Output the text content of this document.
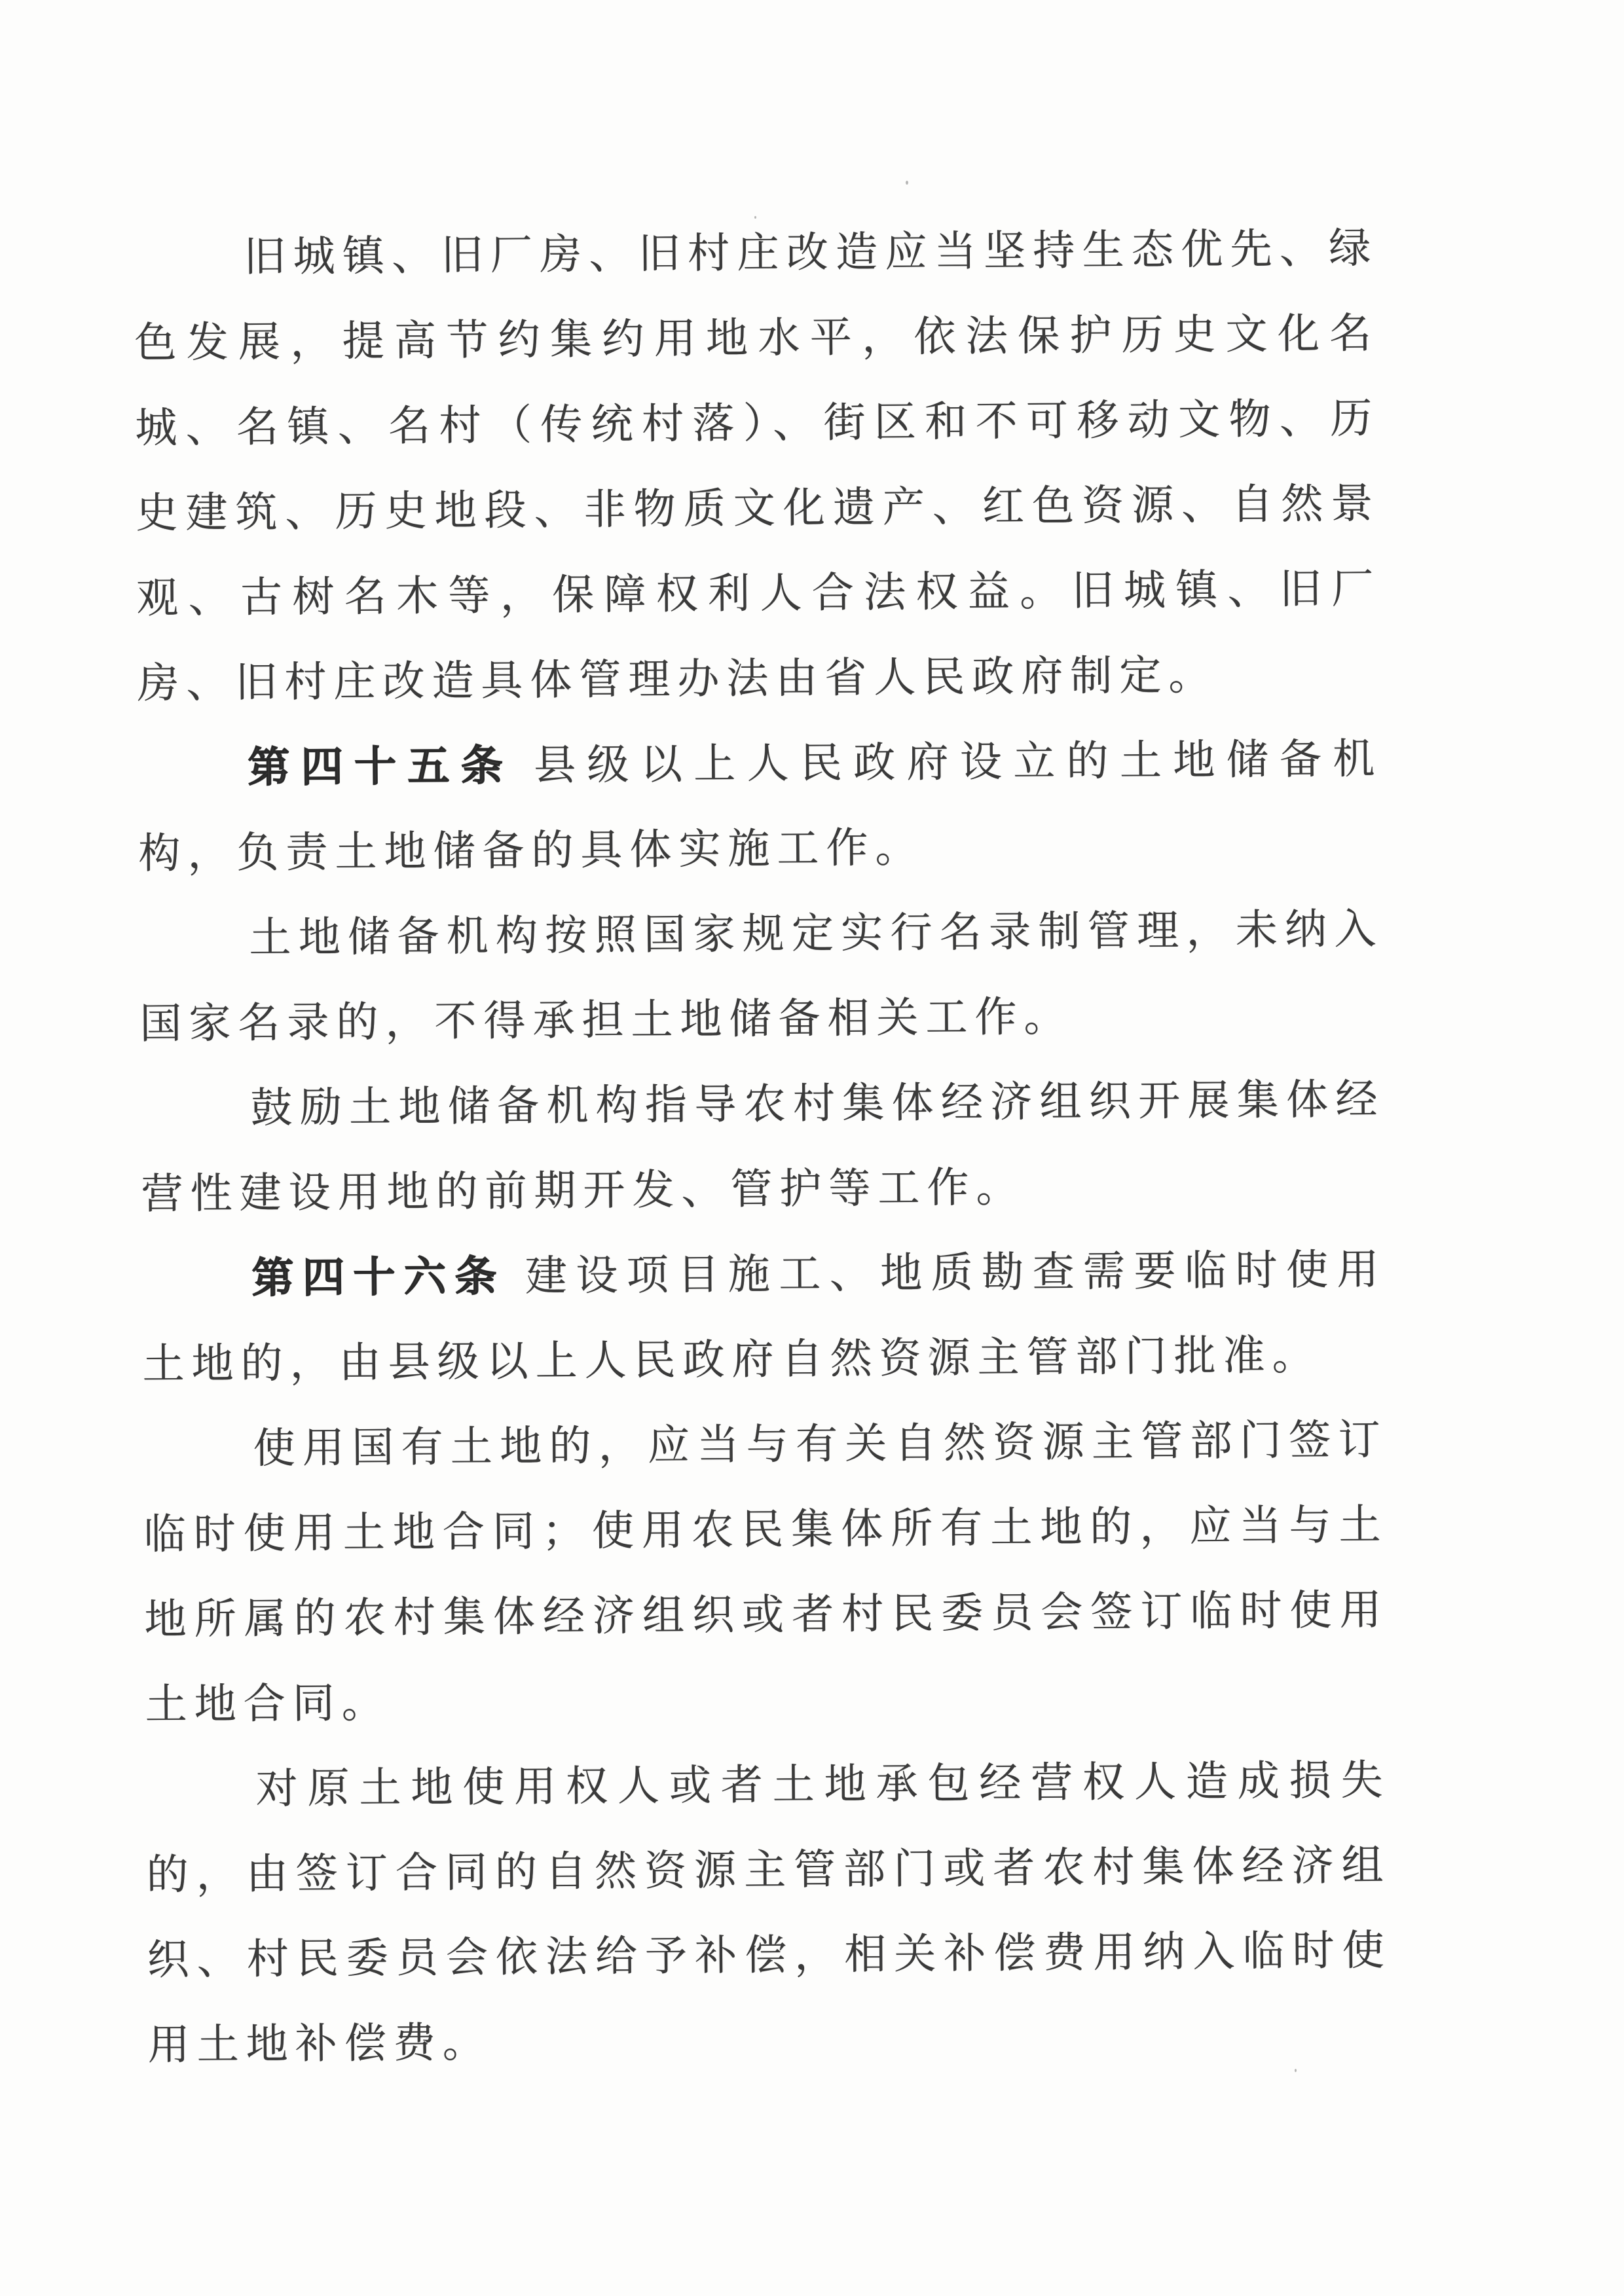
旧城镇、旧厂房、旧村庄改造应当坚持生态优先、绿色发展，提高节约集约用地水平，依法保护历史文化名城、名镇、名村（传统村落）、街区和不可移动文物、历史建筑、历史地段、非物质文化遗产、红色资源、自然景观、古树名木等，保障权利人合法权益。旧城镇、旧厂房、旧村庄改造具体管理办法由省人民政府制定。

第四十五条 县级以上人民政府设立的土地储备机构，负责土地储备的具体实施工作。

土地储备机构按照国家规定实行名录制管理，未纳入国家名录的，不得承担土地储备相关工作。

鼓励土地储备机构指导农村集体经济组织开展集体经营性建设用地的前期开发、管护等工作。

第四十六条 建设项目施工、地质勘查需要临时使用土地的，由县级以上人民政府自然资源主管部门批准。

使用国有土地的，应当与有关自然资源主管部门签订临时使用土地合同；使用农民集体所有土地的，应当与土地所属的农村集体经济组织或者村民委员会签订临时使用土地合同。

对原土地使用权人或者土地承包经营权人造成损失的，由签订合同的自然资源主管部门或者农村集体经济组织、村民委员会依法给予补偿，相关补偿费用纳入临时使用土地补偿费。
